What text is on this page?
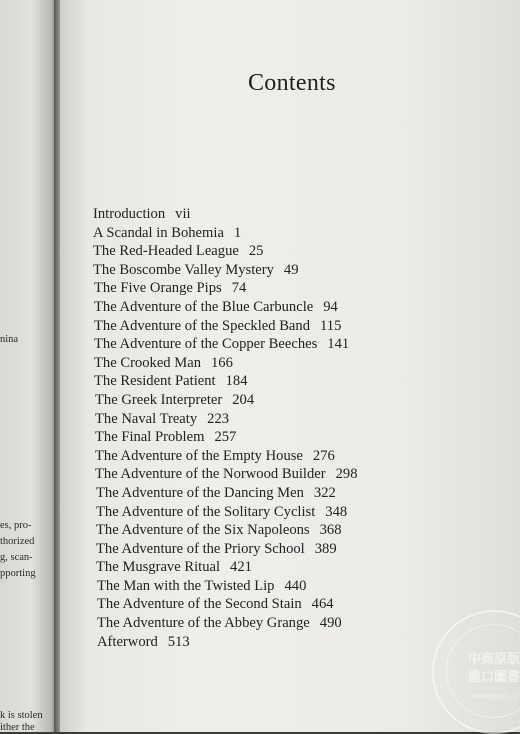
nina
es, pro-
thorized
g, scan-
pporting
k is stolen
ither the
Contents
Introduction vii
A Scandal in Bohemia 1
The Red-Headed League 25
The Boscombe Valley Mystery 49
The Five Orange Pips 74
The Adventure of the Blue Carbuncle 94
The Adventure of the Speckled Band 115
The Adventure of the Copper Beeches 141
The Crooked Man 166
The Resident Patient 184
The Greek Interpreter 204
The Naval Treaty 223
The Final Problem 257
The Adventure of the Empty House 276
The Adventure of the Norwood Builder 298
The Adventure of the Dancing Men 322
The Adventure of the Solitary Cyclist 348
The Adventure of the Six Napoleons 368
The Adventure of the Priory School 389
The Musgrave Ritual 421
The Man with the Twisted Lip 440
The Adventure of the Second Stain 464
The Adventure of the Abbey Grange 490
Afterword 513
中商原版
進口圖書
中華商務貿易公司
